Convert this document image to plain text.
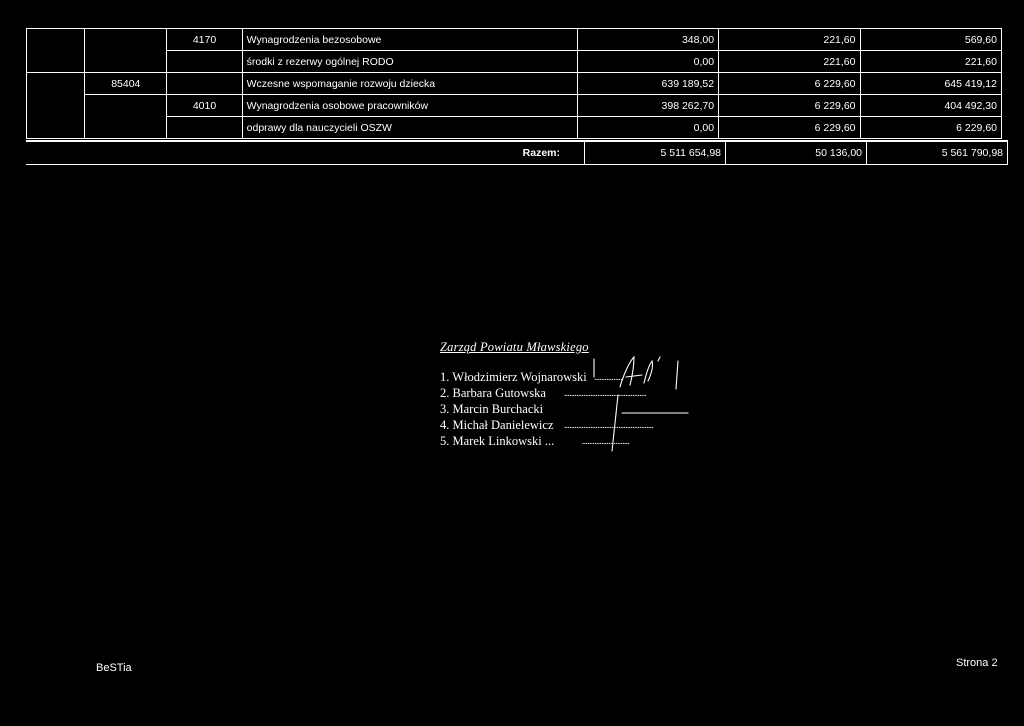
		4170	Wynagrodzenia bezosobowe	348,00	221,60	569,60
			środki z rezerwy ogólnej RODO	0,00	221,60	221,60
	85404		Wczesne wspomaganie rozwoju dziecka	639 189,52	6 229,60	645 419,12
		4010	Wynagrodzenia osobowe pracowników	398 262,70	6 229,60	404 492,30
			odprawy dla nauczycieli OSZW	0,00	6 229,60	6 229,60
Razem:	5 511 654,98	50 136,00	5 561 790,98
Zarząd Powiatu Mławskiego
1. Włodzimierz Wojnarowski ................
2. Barbara Gutowska ...............................................
3. Marcin Burchacki
4. Michał Danielewicz ...................................................
5. Marek Linkowski ...	...........................
BeSTia	Strona 2
